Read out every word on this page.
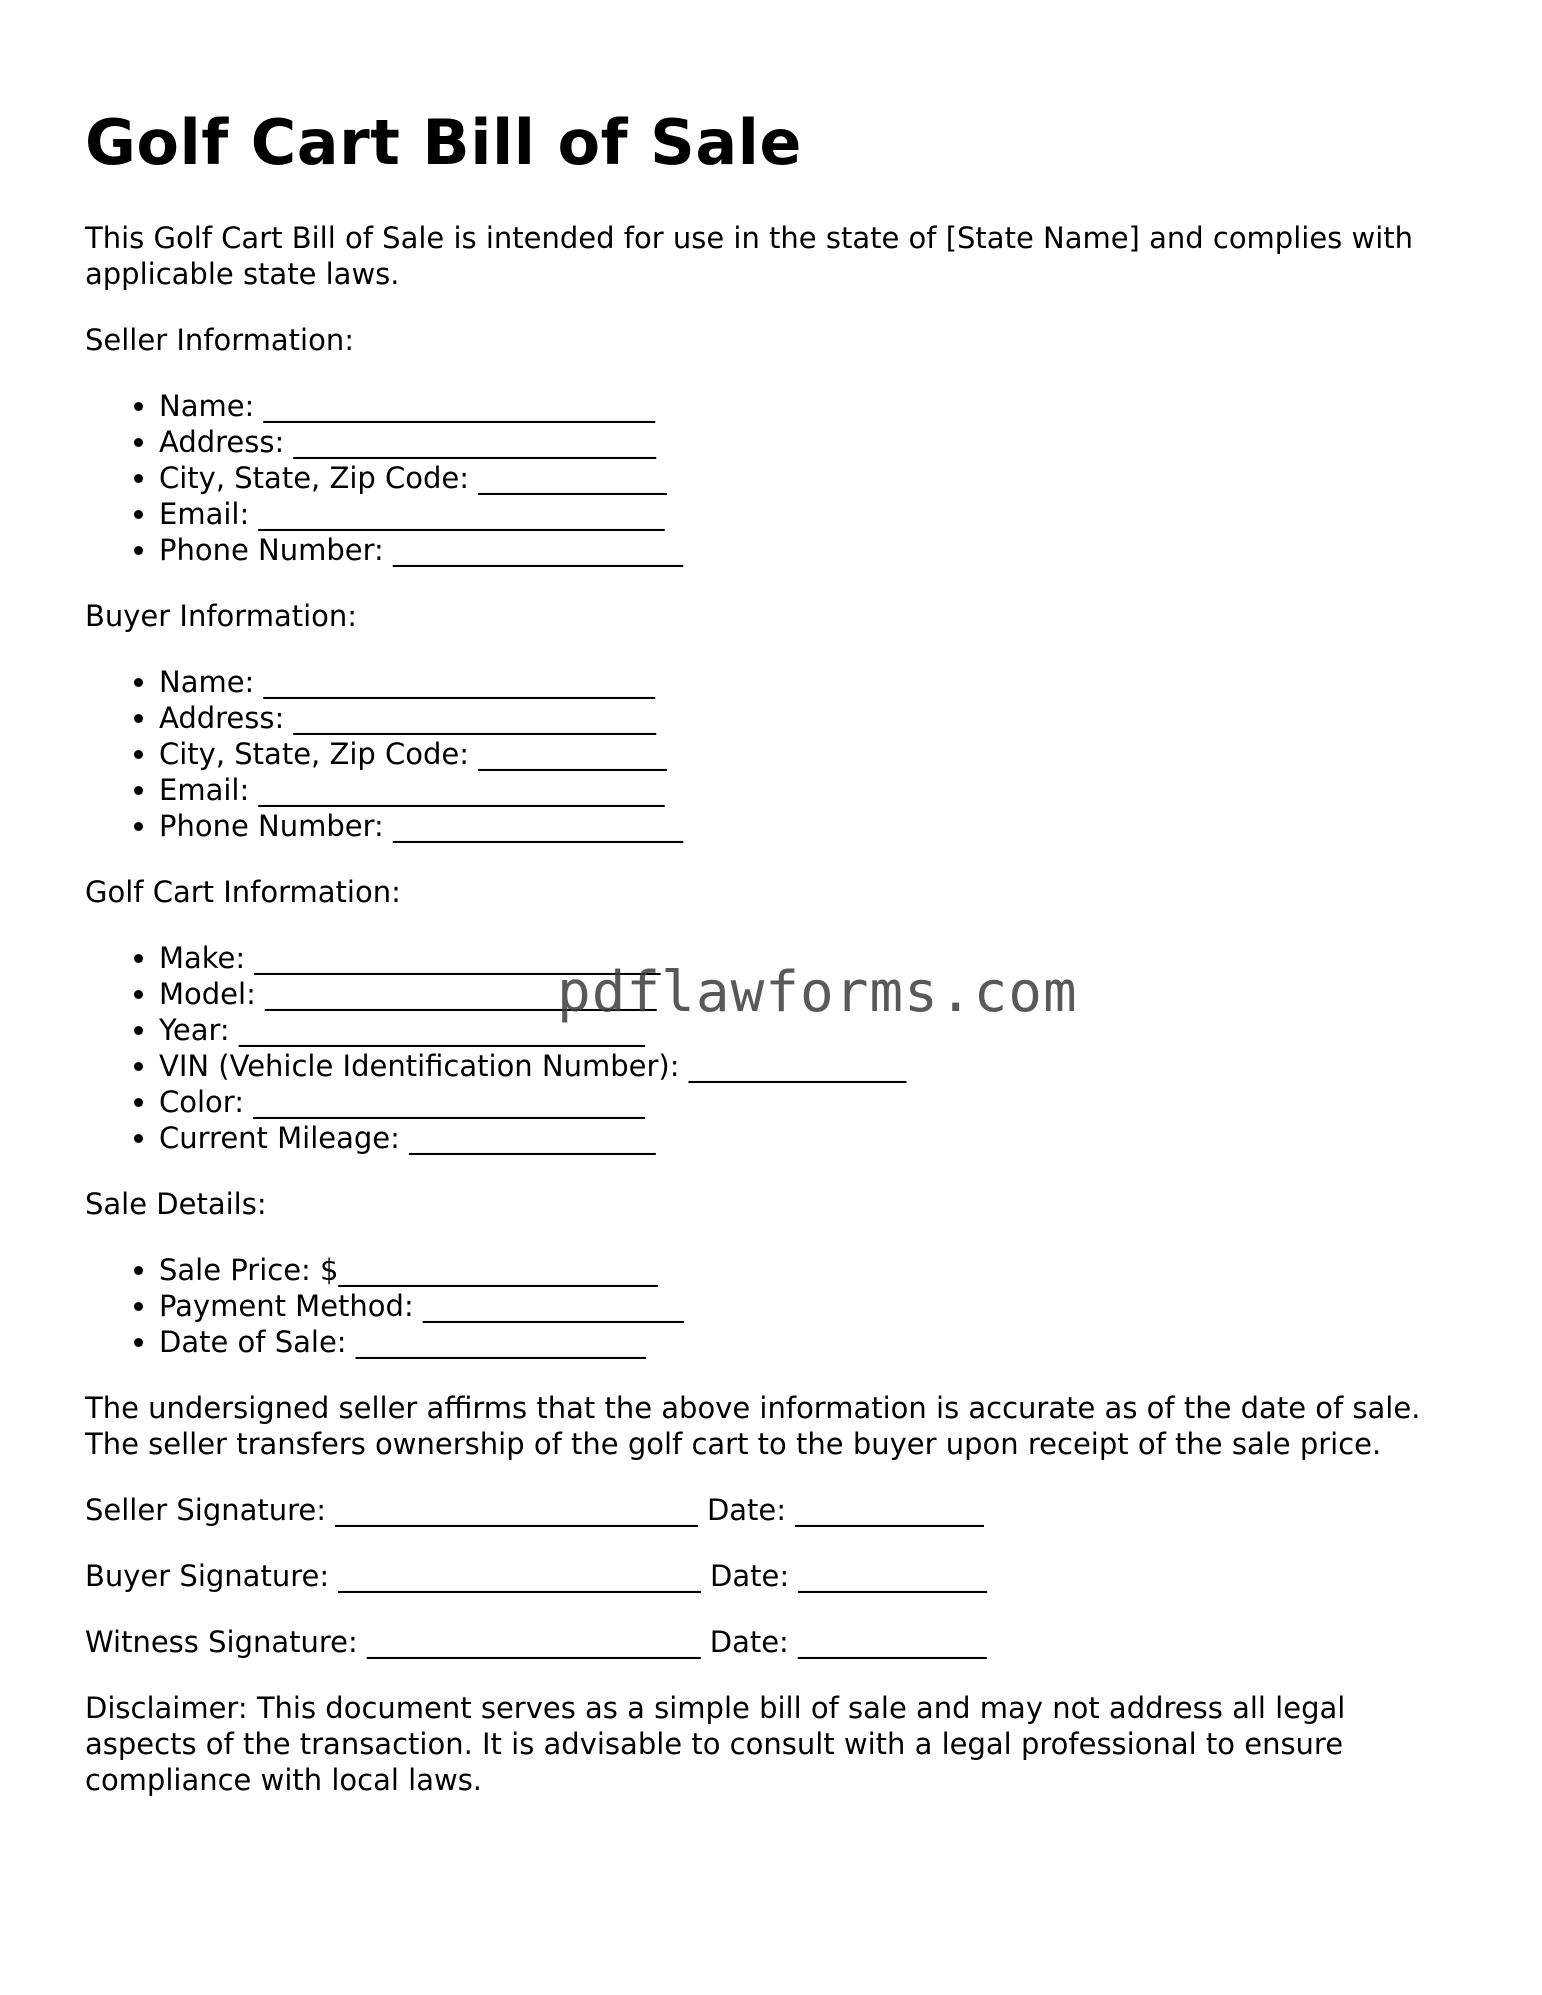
Golf Cart Bill of Sale

This Golf Cart Bill of Sale is intended for use in the state of [State Name] and complies with applicable state laws.

Seller Information:

• Name: ___________________________
• Address: _________________________
• City, State, Zip Code: _____________
• Email: ____________________________
• Phone Number: ____________________

Buyer Information:

• Name: ___________________________
• Address: _________________________
• City, State, Zip Code: _____________
• Email: ____________________________
• Phone Number: ____________________

Golf Cart Information:

• Make: ____________________________
• Model: ___________________________
• Year: ____________________________
• VIN (Vehicle Identification Number): _______________
• Color: ___________________________
• Current Mileage: _________________

Sale Details:

• Sale Price: $______________________
• Payment Method: __________________
• Date of Sale: ____________________

The undersigned seller affirms that the above information is accurate as of the date of sale. The seller transfers ownership of the golf cart to the buyer upon receipt of the sale price.

Seller Signature: _________________________ Date: _____________

Buyer Signature: _________________________ Date: _____________

Witness Signature: _______________________ Date: _____________

Disclaimer: This document serves as a simple bill of sale and may not address all legal aspects of the transaction. It is advisable to consult with a legal professional to ensure compliance with local laws.

pdflawforms.com
